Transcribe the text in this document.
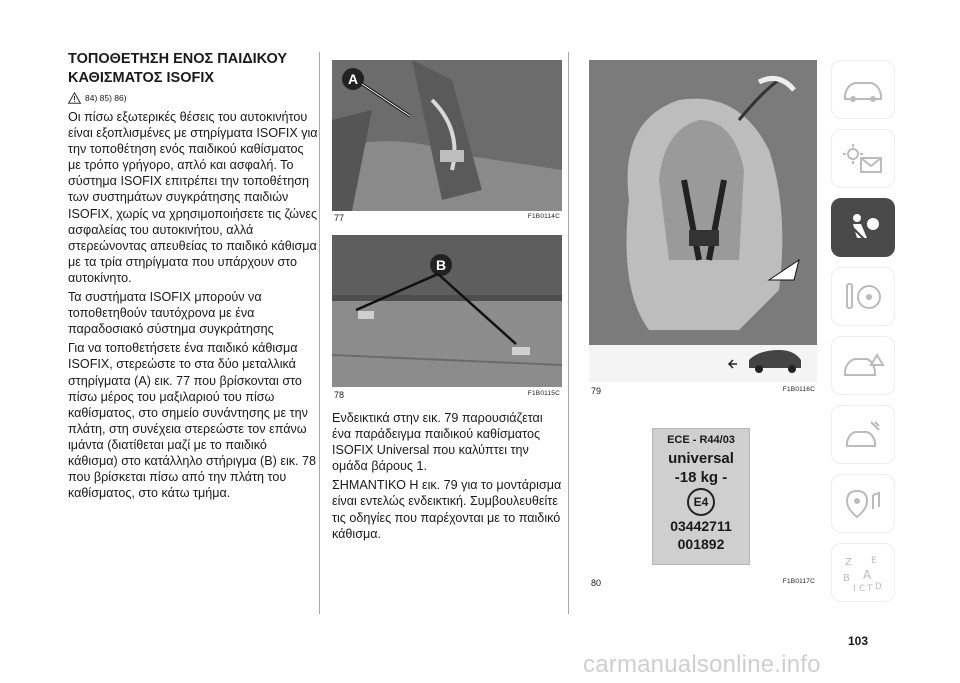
ΤΟΠΟΘΕΤΗΣΗ ΕΝΟΣ ΠΑΙΔΙΚΟΥ
ΚΑΘΙΣΜΑΤΟΣ ISOFIX
84) 85) 86)

Οι πίσω εξωτερικές θέσεις του αυτοκινήτου είναι εξοπλισμένες με στηρίγματα ISOFIX για την τοποθέτηση ενός παιδικού καθίσματος με τρόπο γρήγορο, απλό και ασφαλή. Το σύστημα ISOFIX επιτρέπει την τοποθέτηση των συστημάτων συγκράτησης παιδιών ISOFIX, χωρίς να χρησιμοποιήσετε τις ζώνες ασφαλείας του αυτοκινήτου, αλλά στερεώνοντας απευθείας το παιδικό κάθισμα με τα τρία στηρίγματα που υπάρχουν στο αυτοκίνητο.

Τα συστήματα ISOFIX μπορούν να τοποθετηθούν ταυτόχρονα με ένα παραδοσιακό σύστημα συγκράτησης

Για να τοποθετήσετε ένα παιδικό κάθισμα ISOFIX, στερεώστε το στα δύο μεταλλικά στηρίγματα (A) εικ. 77 που βρίσκονται στο πίσω μέρος του μαξιλαριού του πίσω καθίσματος, στο σημείο συνάντησης με την πλάτη, στη συνέχεια στερεώστε τον επάνω ιμάντα (διατίθεται μαζί με το παιδικό κάθισμα) στο κατάλληλο στήριγμα (B) εικ. 78 που βρίσκεται πίσω από την πλάτη του καθίσματος, στο κάτω τμήμα.

A
77	F1B0114C
B
78	F1B0115C

Ενδεικτικά στην εικ. 79 παρουσιάζεται ένα παράδειγμα παιδικού καθίσματος ISOFIX Universal που καλύπτει την ομάδα βάρους 1.

ΣΗΜΑΝΤΙΚΟ Η εικ. 79 για το μοντάρισμα είναι εντελώς ενδεικτική. Συμβουλευθείτε τις οδηγίες που παρέχονται με το παιδικό κάθισμα.

79	F1B0116C
ECE - R44/03
universal
-18 kg -
E4
03442711
001892
80	F1B0117C
Z E
B A
I C T D
103
carmanualsonline.info
